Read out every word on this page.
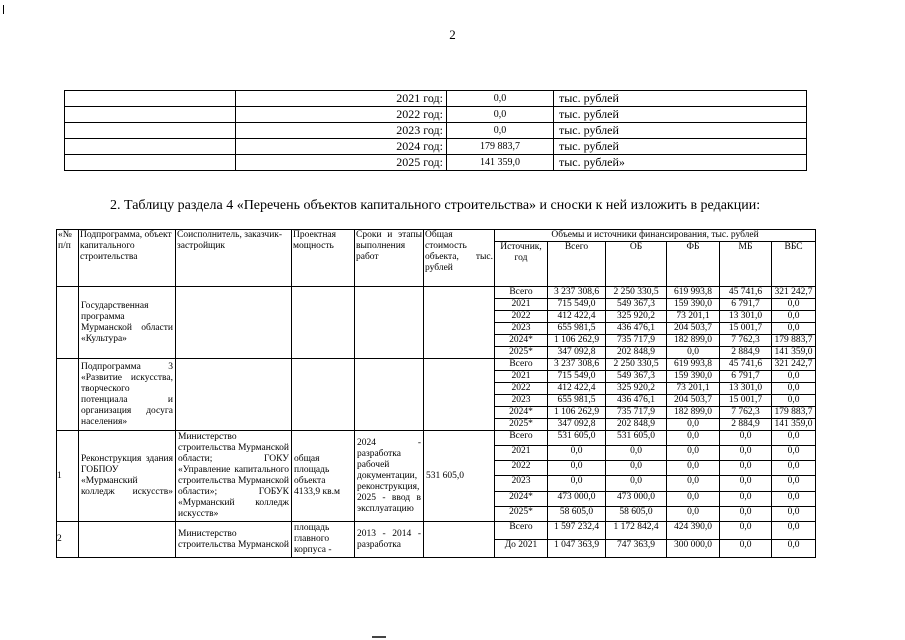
2
	2021 год:	0,0	тыс. рублей
	2022 год:	0,0	тыс. рублей
	2023 год:	0,0	тыс. рублей
	2024 год:	179 883,7	тыс. рублей
	2025 год:	141 359,0	тыс. рублей»
2. Таблицу раздела 4 «Перечень объектов капитального строительства» и сноски к ней изложить в редакции:
«№ п/п	Подпрограмма, объект капитального строительства	Соисполнитель, заказчик-застройщик	Проектная мощность	Сроки и этапы выполнения работ	Общая стоимость объекта, тыс. рублей	Объемы и источники финансирования, тыс. рублей					
						Источник, год	Всего	ОБ	ФБ	МБ	ВБС
	Государственная программа Мурманской области «Культура»					Всего	3 237 308,6	2 250 330,5	619 993,8	45 741,6	321 242,7
						2021	715 549,0	549 367,3	159 390,0	6 791,7	0,0
						2022	412 422,4	325 920,2	73 201,1	13 301,0	0,0
						2023	655 981,5	436 476,1	204 503,7	15 001,7	0,0
						2024*	1 106 262,9	735 717,9	182 899,0	7 762,3	179 883,7
						2025*	347 092,8	202 848,9	0,0	2 884,9	141 359,0
	Подпрограмма 3 «Развитие искусства, творческого потенциала и организация досуга населения»					Всего	3 237 308,6	2 250 330,5	619 993,8	45 741,6	321 242,7
						2021	715 549,0	549 367,3	159 390,0	6 791,7	0,0
						2022	412 422,4	325 920,2	73 201,1	13 301,0	0,0
						2023	655 981,5	436 476,1	204 503,7	15 001,7	0,0
						2024*	1 106 262,9	735 717,9	182 899,0	7 762,3	179 883,7
						2025*	347 092,8	202 848,9	0,0	2 884,9	141 359,0
1	Реконструкция здания ГОБПОУ «Мурманский колледж искусств»	Министерство строительства Мурманской области; ГОКУ «Управление капитального строительства Мурманской области»; ГОБУК «Мурманский колледж искусств»	общая площадь объекта 4133,9 кв.м	2024 - разработка рабочей документации, реконструкция, 2025 - ввод в эксплуатацию	531 605,0	Всего	531 605,0	531 605,0	0,0	0,0	0,0
						2021	0,0	0,0	0,0	0,0	0,0
						2022	0,0	0,0	0,0	0,0	0,0
						2023	0,0	0,0	0,0	0,0	0,0
						2024*	473 000,0	473 000,0	0,0	0,0	0,0
						2025*	58 605,0	58 605,0	0,0	0,0	0,0
2		Министерство строительства Мурманской	площадь главного корпуса -	2013 - 2014 - разработка		Всего	1 597 232,4	1 172 842,4	424 390,0	0,0	0,0
						До 2021	1 047 363,9	747 363,9	300 000,0	0,0	0,0
